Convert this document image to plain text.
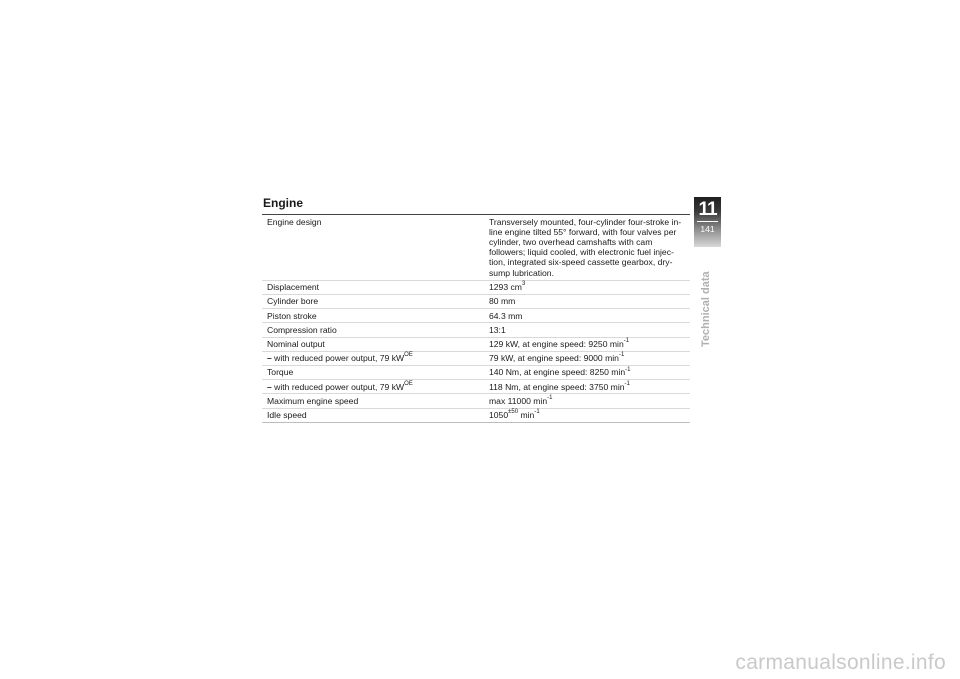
Engine
Engine design	Transversely mounted, four-cylinder four-stroke in-line engine tilted 55° forward, with four valves per cylinder, two overhead camshafts with cam followers; liquid cooled, with electronic fuel injec-tion, integrated six-speed cassette gearbox, dry-sump lubrication.
Displacement	1293 $cm^3$
Cylinder bore	80 mm
Piston stroke	64.3 mm
Compression ratio	13:1
Nominal output	129 kW, at engine speed: 9250 $\min^{-1}$
– with reduced power output, 79 $kW^{OE}$	79 kW, at engine speed: 9000 $\min^{-1}$
Torque	140 Nm, at engine speed: 8250 $\min^{-1}$
– with reduced power output, 79 $kW^{OE}$	118 Nm, at engine speed: 3750 $\min^{-1}$
Maximum engine speed	max 11000 $\min^{-1}$
Idle speed	$1050^{\pm 50}$ $\min^{-1}$
11
141
Technical data
carmanualsonline.info
